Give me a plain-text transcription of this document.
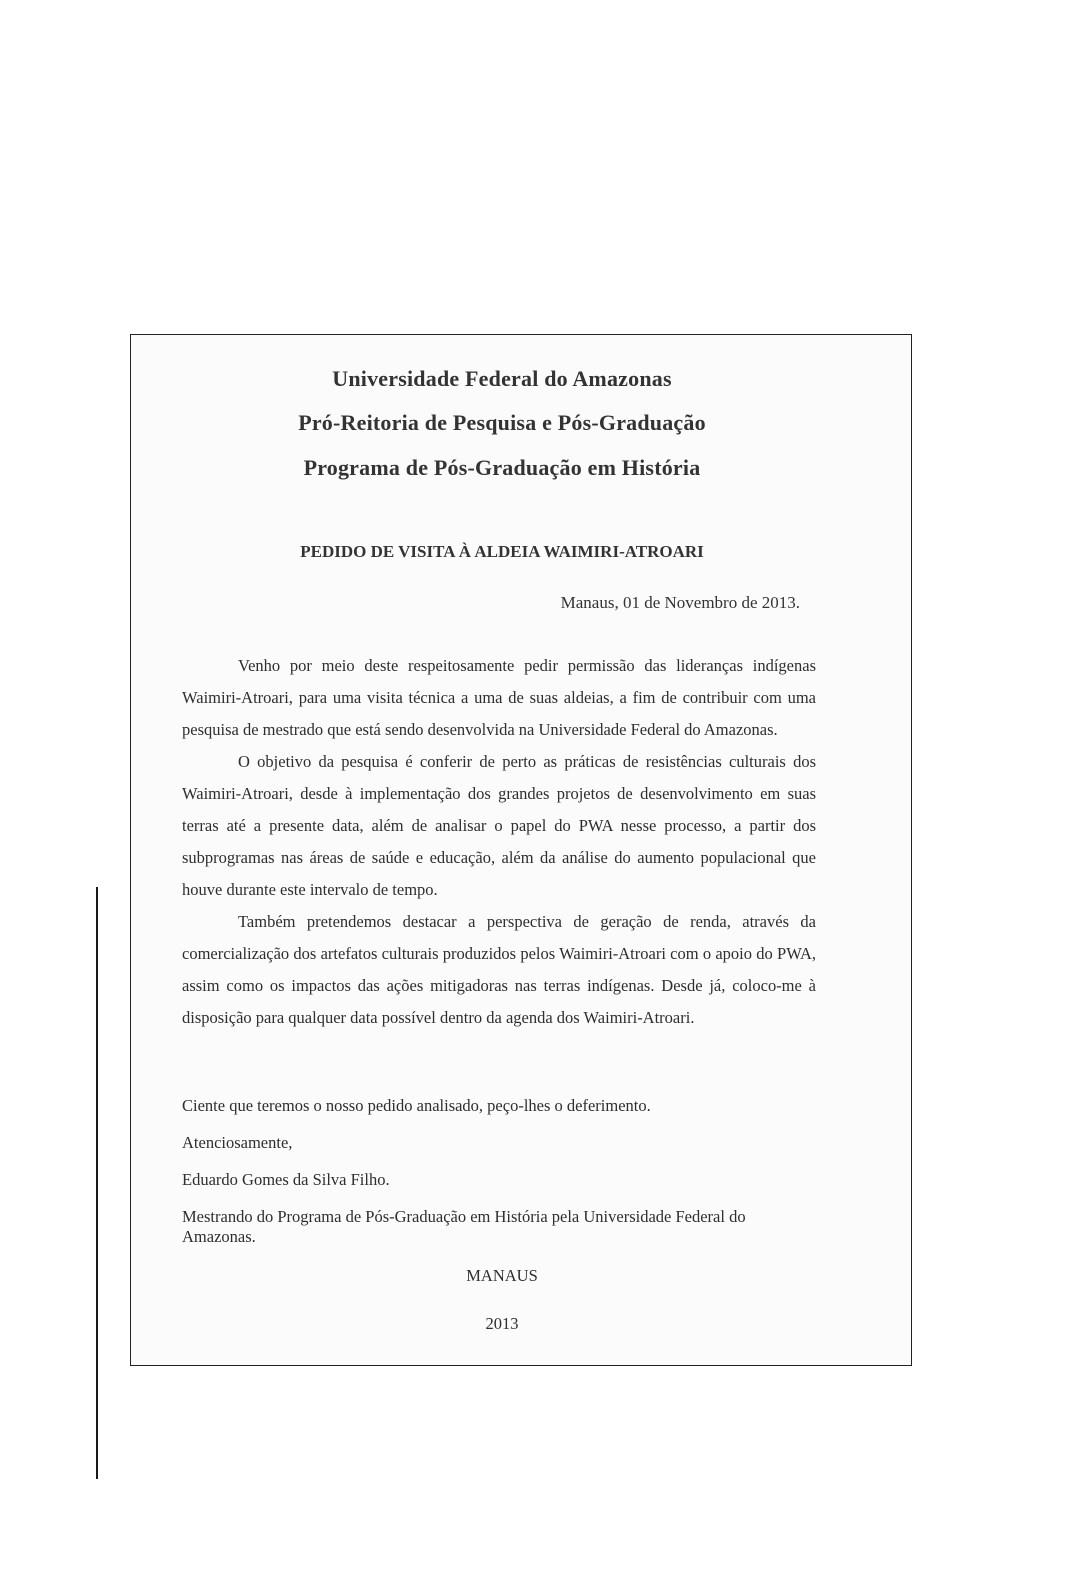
Universidade Federal do Amazonas
Pró-Reitoria de Pesquisa e Pós-Graduação
Programa de Pós-Graduação em História
PEDIDO DE VISITA À ALDEIA WAIMIRI-ATROARI
Manaus, 01 de Novembro de 2013.

Venho por meio deste respeitosamente pedir permissão das lideranças indígenas Waimiri-Atroari, para uma visita técnica a uma de suas aldeias, a fim de contribuir com uma pesquisa de mestrado que está sendo desenvolvida na Universidade Federal do Amazonas.

O objetivo da pesquisa é conferir de perto as práticas de resistências culturais dos Waimiri-Atroari, desde à implementação dos grandes projetos de desenvolvimento em suas terras até a presente data, além de analisar o papel do PWA nesse processo, a partir dos subprogramas nas áreas de saúde e educação, além da análise do aumento populacional que houve durante este intervalo de tempo.

Também pretendemos destacar a perspectiva de geração de renda, através da comercialização dos artefatos culturais produzidos pelos Waimiri-Atroari com o apoio do PWA, assim como os impactos das ações mitigadoras nas terras indígenas. Desde já, coloco-me à disposição para qualquer data possível dentro da agenda dos Waimiri-Atroari.

Ciente que teremos o nosso pedido analisado, peço-lhes o deferimento.
Atenciosamente,
Eduardo Gomes da Silva Filho.
Mestrando do Programa de Pós-Graduação em História pela Universidade Federal do Amazonas.
MANAUS
2013
